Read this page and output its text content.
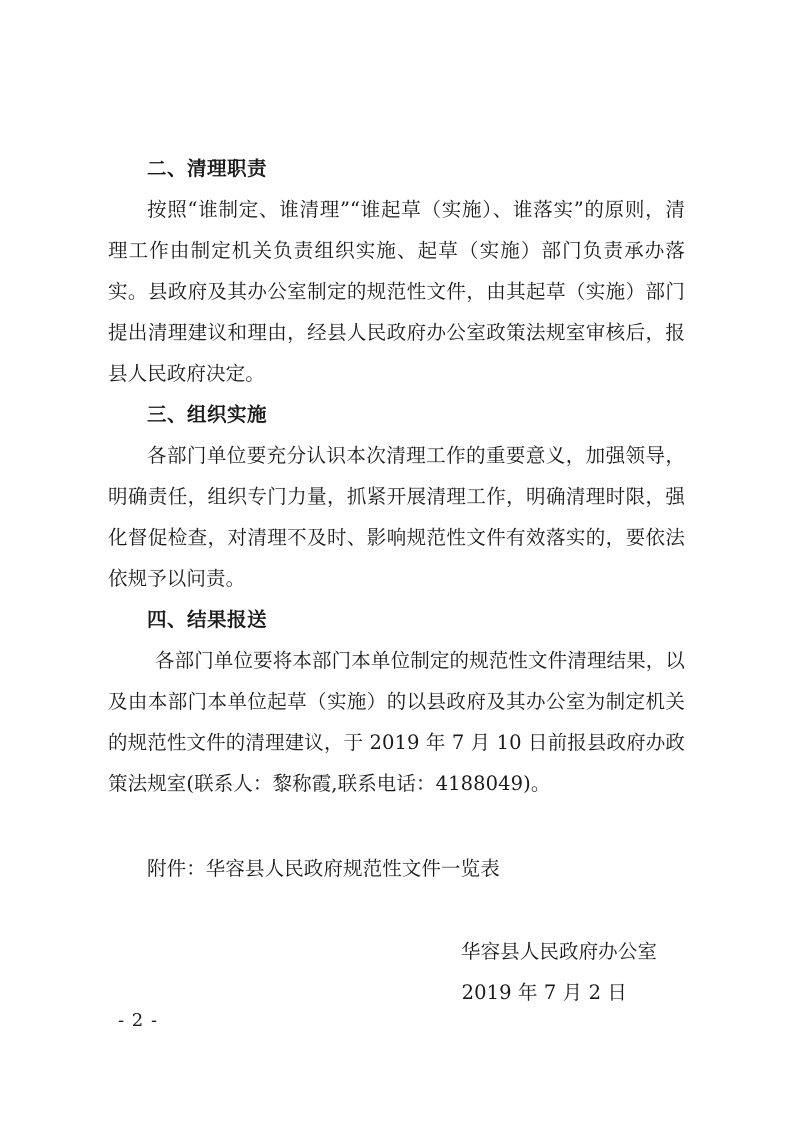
二、清理职责

按照“谁制定、谁清理”“谁起草（实施）、谁落实”的原则，清理工作由制定机关负责组织实施、起草（实施）部门负责承办落实。县政府及其办公室制定的规范性文件，由其起草（实施）部门提出清理建议和理由，经县人民政府办公室政策法规室审核后，报县人民政府决定。

三、组织实施

各部门单位要充分认识本次清理工作的重要意义，加强领导，明确责任，组织专门力量，抓紧开展清理工作，明确清理时限，强化督促检查，对清理不及时、影响规范性文件有效落实的，要依法依规予以问责。

四、结果报送

各部门单位要将本部门本单位制定的规范性文件清理结果，以及由本部门本单位起草（实施）的以县政府及其办公室为制定机关的规范性文件的清理建议，于 2019 年 7 月 10 日前报县政府办政策法规室(联系人：黎称霞,联系电话：4188049)。

附件：华容县人民政府规范性文件一览表

华容县人民政府办公室
2019 年 7 月 2 日
- 2 -
